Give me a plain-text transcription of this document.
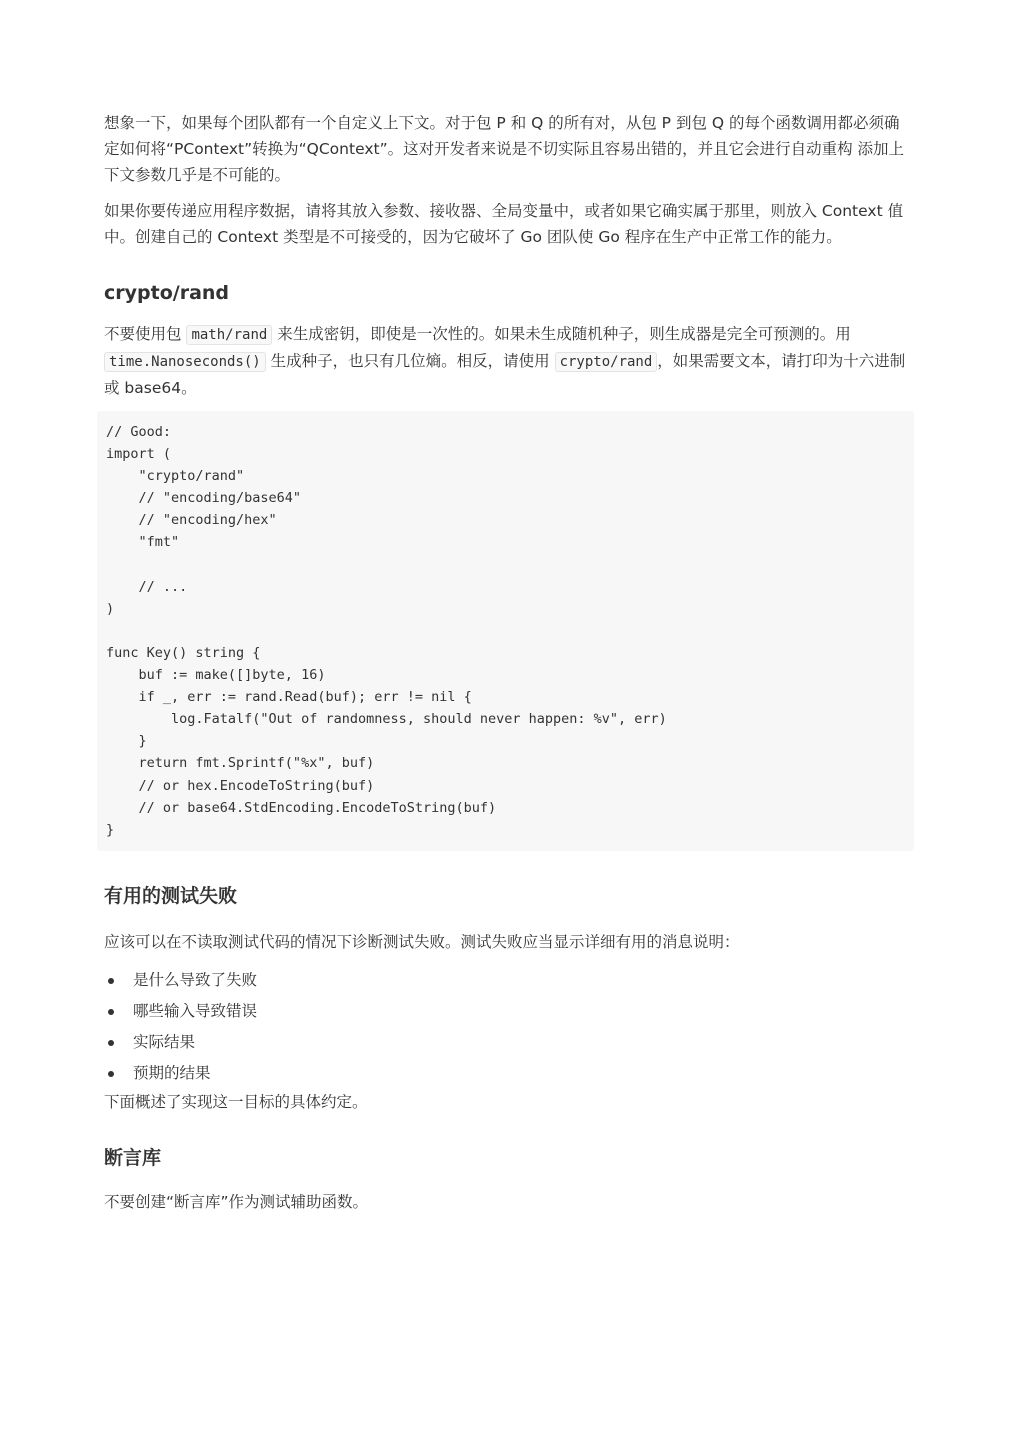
想象一下，如果每个团队都有一个自定义上下文。对于包 P 和 Q 的所有对，从包 P 到包 Q 的每个函数调用都必须确定如何将“PContext”转换为“QContext”。这对开发者来说是不切实际且容易出错的，并且它会进行自动重构 添加上下文参数几乎是不可能的。

如果你要传递应用程序数据，请将其放入参数、接收器、全局变量中，或者如果它确实属于那里，则放入 Context 值中。创建自己的 Context 类型是不可接受的，因为它破坏了 Go 团队使 Go 程序在生产中正常工作的能力。

crypto/rand

不要使用包 math/rand 来生成密钥，即使是一次性的。如果未生成随机种子，则生成器是完全可预测的。用 time.Nanoseconds() 生成种子，也只有几位熵。相反，请使用 crypto/rand ，如果需要文本，请打印为十六进制或 base64。

// Good:
import (
"crypto/rand"
// "encoding/base64"
// "encoding/hex"
"fmt"

// ...
)

func Key() string {
buf := make([]byte, 16)
if _, err := rand.Read(buf); err != nil {
log.Fatalf("Out of randomness, should never happen: %v", err)
}
return fmt.Sprintf("%x", buf)
// or hex.EncodeToString(buf)
// or base64.StdEncoding.EncodeToString(buf)
}
有用的测试失败

应该可以在不读取测试代码的情况下诊断测试失败。测试失败应当显示详细有用的消息说明：

是什么导致了失败
哪些输入导致错误
实际结果
预期的结果

下面概述了实现这一目标的具体约定。

断言库

不要创建“断言库”作为测试辅助函数。
